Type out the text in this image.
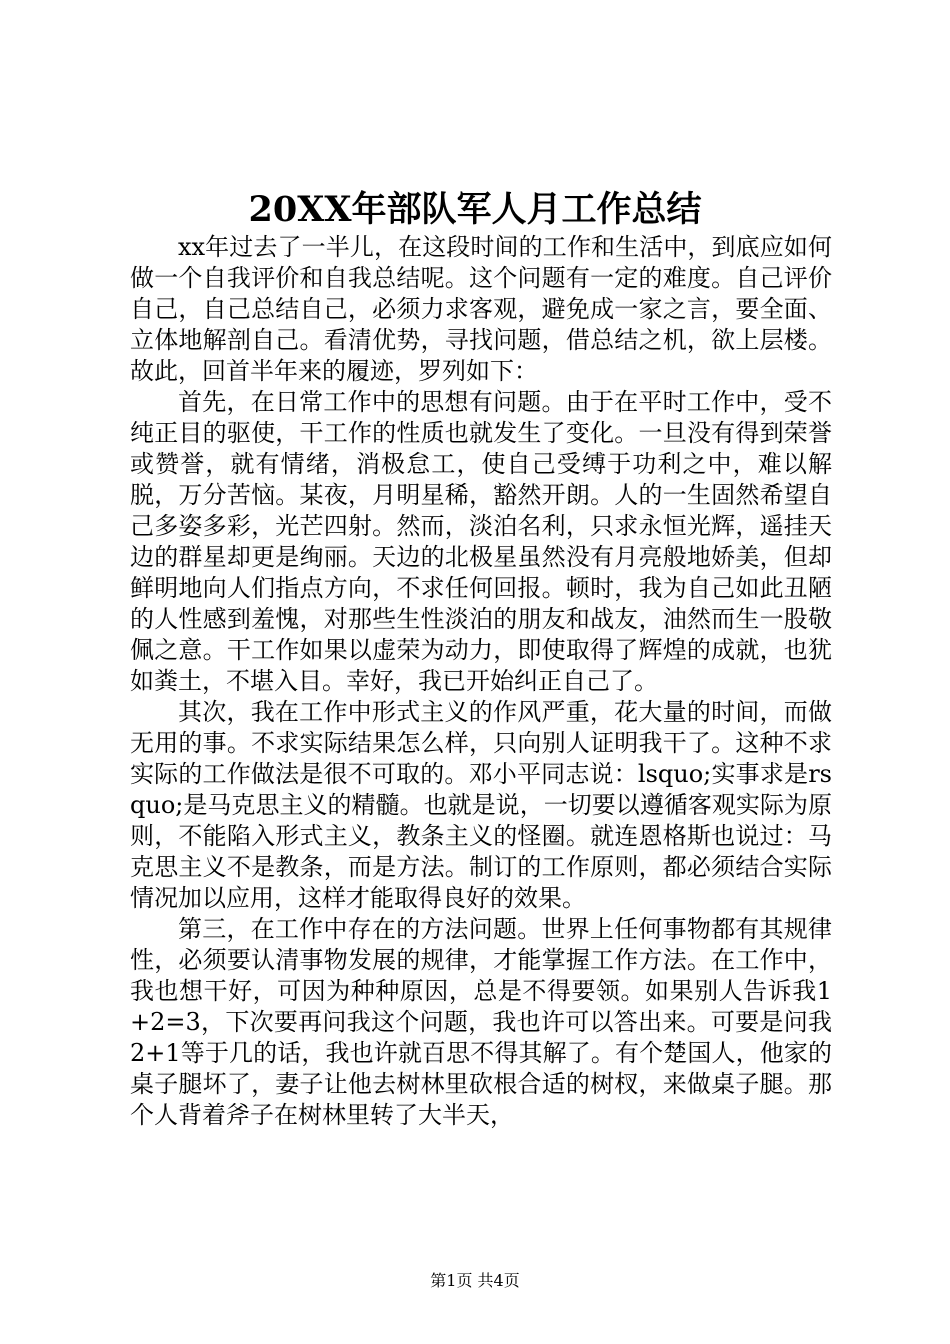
20XX年部队军人月工作总结

xx年过去了一半儿，在这段时间的工作和生活中，到底应如何做一个自我评价和自我总结呢。这个问题有一定的难度。自己评价自己，自己总结自己，必须力求客观，避免成一家之言，要全面、立体地解剖自己。看清优势，寻找问题，借总结之机，欲上层楼。故此，回首半年来的履迹，罗列如下：

首先，在日常工作中的思想有问题。由于在平时工作中，受不纯正目的驱使，干工作的性质也就发生了变化。一旦没有得到荣誉或赞誉，就有情绪，消极怠工，使自己受缚于功利之中，难以解脱，万分苦恼。某夜，月明星稀，豁然开朗。人的一生固然希望自己多姿多彩，光芒四射。然而，淡泊名利，只求永恒光辉，遥挂天边的群星却更是绚丽。天边的北极星虽然没有月亮般地娇美，但却鲜明地向人们指点方向，不求任何回报。顿时，我为自己如此丑陋的人性感到羞愧，对那些生性淡泊的朋友和战友，油然而生一股敬佩之意。干工作如果以虚荣为动力，即使取得了辉煌的成就，也犹如粪土，不堪入目。幸好，我已开始纠正自己了。

其次，我在工作中形式主义的作风严重，花大量的时间，而做无用的事。不求实际结果怎么样，只向别人证明我干了。这种不求实际的工作做法是很不可取的。邓小平同志说：lsquo;实事求是rsquo;是马克思主义的精髓。也就是说，一切要以遵循客观实际为原则，不能陷入形式主义，教条主义的怪圈。就连恩格斯也说过：马克思主义不是教条，而是方法。制订的工作原则，都必须结合实际情况加以应用，这样才能取得良好的效果。

第三，在工作中存在的方法问题。世界上任何事物都有其规律性，必须要认清事物发展的规律，才能掌握工作方法。在工作中，我也想干好，可因为种种原因，总是不得要领。如果别人告诉我1+2=3，下次要再问我这个问题，我也许可以答出来。可要是问我2+1等于几的话，我也许就百思不得其解了。有个楚国人，他家的桌子腿坏了，妻子让他去树林里砍根合适的树杈，来做桌子腿。那个人背着斧子在树林里转了大半天，

第1页 共4页
